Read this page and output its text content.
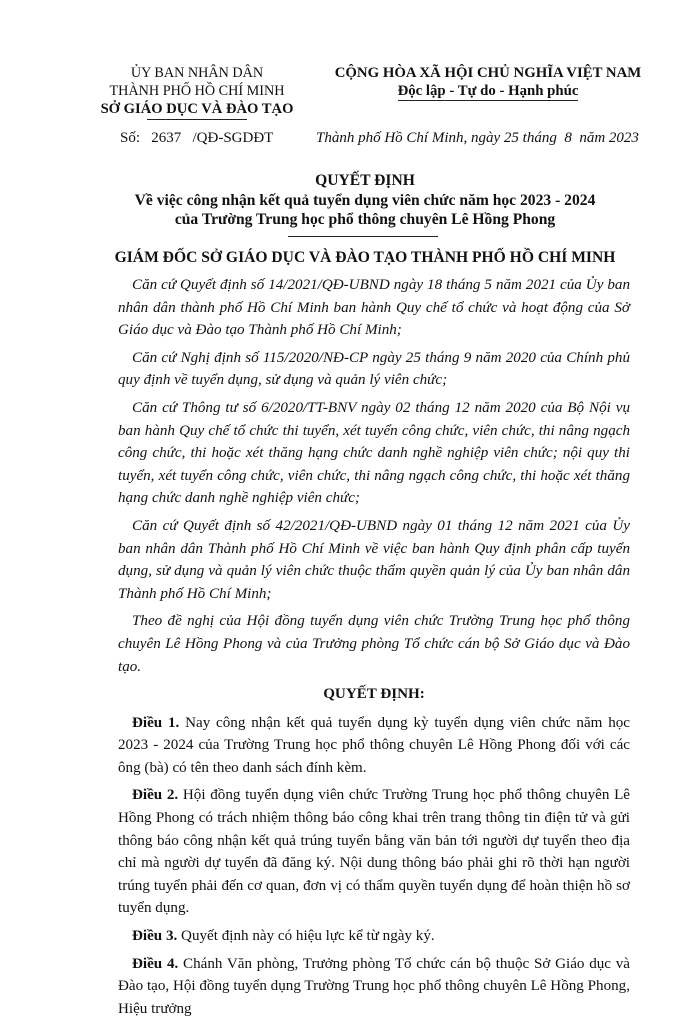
ỦY BAN NHÂN DÂN
THÀNH PHỐ HỒ CHÍ MINH
SỞ GIÁO DỤC VÀ ĐÀO TẠO
CỘNG HÒA XÃ HỘI CHỦ NGHĨA VIỆT NAM
Độc lập - Tự do - Hạnh phúc
Số:   2637   /QĐ-SGDĐT	Thành phố Hồ Chí Minh, ngày 25 tháng  8  năm 2023
QUYẾT ĐỊNH
Về việc công nhận kết quả tuyển dụng viên chức năm học 2023 - 2024
của Trường Trung học phổ thông chuyên Lê Hồng Phong
GIÁM ĐỐC SỞ GIÁO DỤC VÀ ĐÀO TẠO THÀNH PHỐ HỒ CHÍ MINH

Căn cứ Quyết định số 14/2021/QĐ-UBND ngày 18 tháng 5 năm 2021 của Ủy ban nhân dân thành phố Hồ Chí Minh ban hành Quy chế tổ chức và hoạt động của Sở Giáo dục và Đào tạo Thành phố Hồ Chí Minh;

Căn cứ Nghị định số 115/2020/NĐ-CP ngày 25 tháng 9 năm 2020 của Chính phủ quy định về tuyển dụng, sử dụng và quản lý viên chức;

Căn cứ Thông tư số 6/2020/TT-BNV ngày 02 tháng 12 năm 2020 của Bộ Nội vụ ban hành Quy chế tổ chức thi tuyển, xét tuyển công chức, viên chức, thi nâng ngạch công chức, thi hoặc xét thăng hạng chức danh nghề nghiệp viên chức; nội quy thi tuyển, xét tuyển công chức, viên chức, thi nâng ngạch công chức, thi hoặc xét thăng hạng chức danh nghề nghiệp viên chức;

Căn cứ Quyết định số 42/2021/QĐ-UBND ngày 01 tháng 12 năm 2021 của Ủy ban nhân dân Thành phố Hồ Chí Minh về việc ban hành Quy định phân cấp tuyển dụng, sử dụng và quản lý viên chức thuộc thẩm quyền quản lý của Ủy ban nhân dân Thành phố Hồ Chí Minh;

Theo đề nghị của Hội đồng tuyển dụng viên chức Trường Trung học phổ thông chuyên Lê Hồng Phong và của Trưởng phòng Tổ chức cán bộ Sở Giáo dục và Đào tạo.

QUYẾT ĐỊNH:

Điều 1. Nay công nhận kết quả tuyển dụng kỳ tuyển dụng viên chức năm học 2023 - 2024 của Trường Trung học phổ thông chuyên Lê Hồng Phong đối với các ông (bà) có tên theo danh sách đính kèm.

Điều 2. Hội đồng tuyển dụng viên chức Trường Trung học phổ thông chuyên Lê Hồng Phong có trách nhiệm thông báo công khai trên trang thông tin điện tử và gửi thông báo công nhận kết quả trúng tuyển bằng văn bản tới người dự tuyển theo địa chỉ mà người dự tuyển đã đăng ký. Nội dung thông báo phải ghi rõ thời hạn người trúng tuyển phải đến cơ quan, đơn vị có thẩm quyền tuyển dụng để hoàn thiện hồ sơ tuyển dụng.

Điều 3. Quyết định này có hiệu lực kể từ ngày ký.

Điều 4. Chánh Văn phòng, Trưởng phòng Tổ chức cán bộ thuộc Sở Giáo dục và Đào tạo, Hội đồng tuyển dụng Trường Trung học phổ thông chuyên Lê Hồng Phong, Hiệu trưởng
